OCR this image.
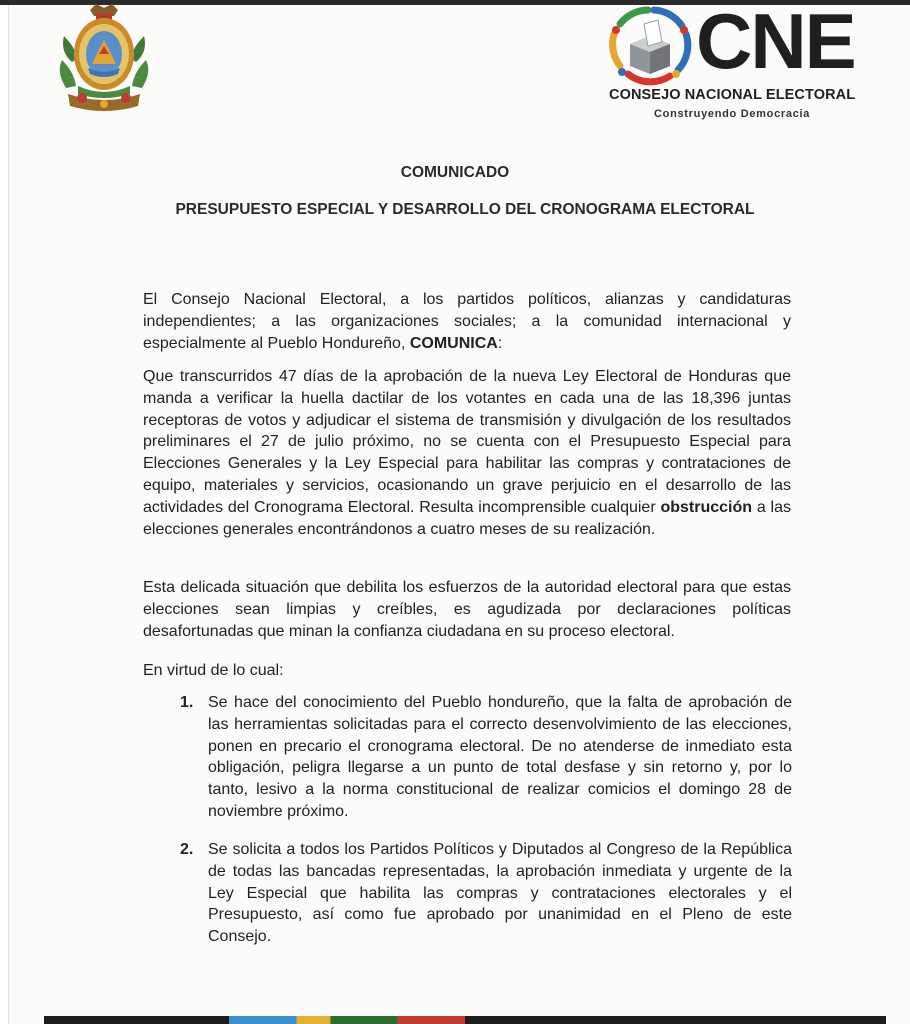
CNE
CONSEJO NACIONAL ELECTORAL
Construyendo Democracia
COMUNICADO
PRESUPUESTO ESPECIAL Y DESARROLLO DEL CRONOGRAMA ELECTORAL
El Consejo Nacional Electoral, a los partidos políticos, alianzas y candidaturas independientes; a las organizaciones sociales; a la comunidad internacional y especialmente al Pueblo Hondureño, COMUNICA:
Que transcurridos 47 días de la aprobación de la nueva Ley Electoral de Honduras que manda a verificar la huella dactilar de los votantes en cada una de las 18,396 juntas receptoras de votos y adjudicar el sistema de transmisión y divulgación de los resultados preliminares el 27 de julio próximo, no se cuenta con el Presupuesto Especial para Elecciones Generales y la Ley Especial para habilitar las compras y contrataciones de equipo, materiales y servicios, ocasionando un grave perjuicio en el desarrollo de las actividades del Cronograma Electoral. Resulta incomprensible cualquier obstrucción a las elecciones generales encontrándonos a cuatro meses de su realización.
Esta delicada situación que debilita los esfuerzos de la autoridad electoral para que estas elecciones sean limpias y creíbles, es agudizada por declaraciones políticas desafortunadas que minan la confianza ciudadana en su proceso electoral.
En virtud de lo cual:
1. Se hace del conocimiento del Pueblo hondureño, que la falta de aprobación de las herramientas solicitadas para el correcto desenvolvimiento de las elecciones, ponen en precario el cronograma electoral. De no atenderse de inmediato esta obligación, peligra llegarse a un punto de total desfase y sin retorno y, por lo tanto, lesivo a la norma constitucional de realizar comicios el domingo 28 de noviembre próximo.
2. Se solicita a todos los Partidos Políticos y Diputados al Congreso de la República de todas las bancadas representadas, la aprobación inmediata y urgente de la Ley Especial que habilita las compras y contrataciones electorales y el Presupuesto, así como fue aprobado por unanimidad en el Pleno de este Consejo.
